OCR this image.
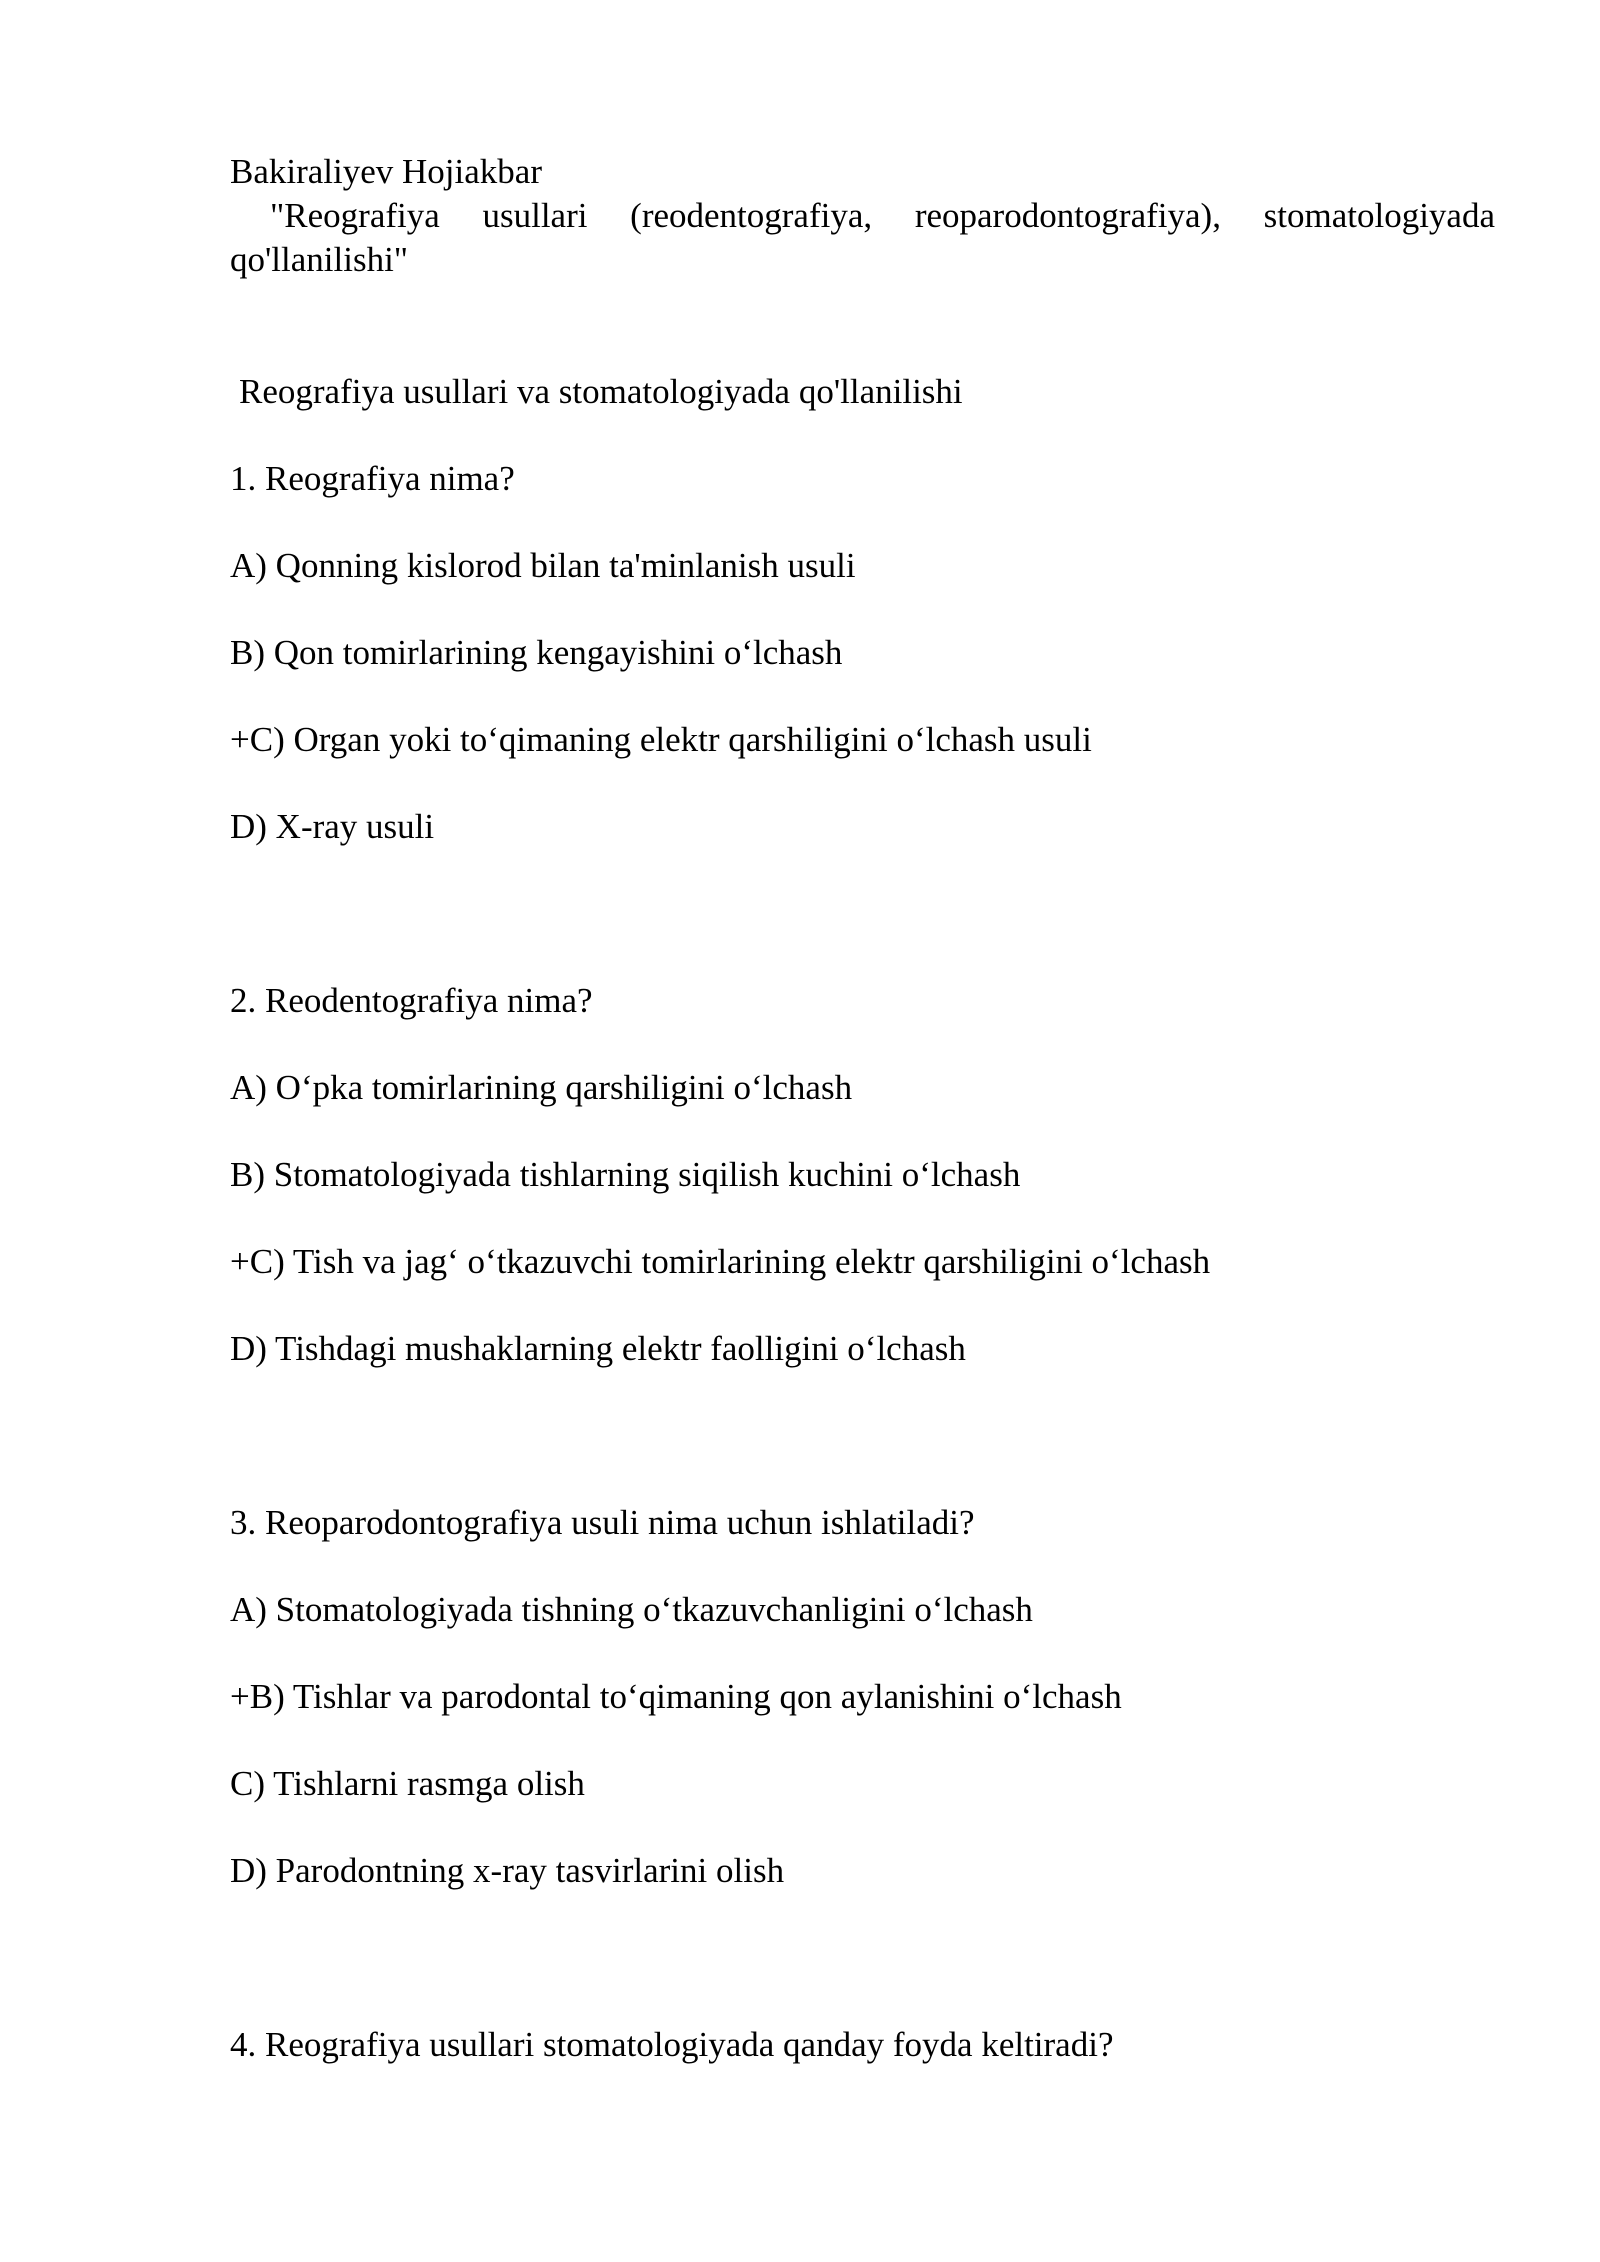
Bakiraliyev Hojiakbar

"Reografiya usullari (reodentografiya, reoparodontografiya), stomatologiyada qo'llanilishi"

Reografiya usullari va stomatologiyada qo'llanilishi

1. Reografiya nima?

A) Qonning kislorod bilan ta'minlanish usuli

B) Qon tomirlarining kengayishini o‘lchash

+C) Organ yoki to‘qimaning elektr qarshiligini o‘lchash usuli

D) X-ray usuli

2. Reodentografiya nima?

A) O‘pka tomirlarining qarshiligini o‘lchash

B) Stomatologiyada tishlarning siqilish kuchini o‘lchash

+C) Tish va jag‘ o‘tkazuvchi tomirlarining elektr qarshiligini o‘lchash

D) Tishdagi mushaklarning elektr faolligini o‘lchash

3. Reoparodontografiya usuli nima uchun ishlatiladi?

A) Stomatologiyada tishning o‘tkazuvchanligini o‘lchash

+B) Tishlar va parodontal to‘qimaning qon aylanishini o‘lchash

C) Tishlarni rasmga olish

D) Parodontning x-ray tasvirlarini olish

4. Reografiya usullari stomatologiyada qanday foyda keltiradi?
